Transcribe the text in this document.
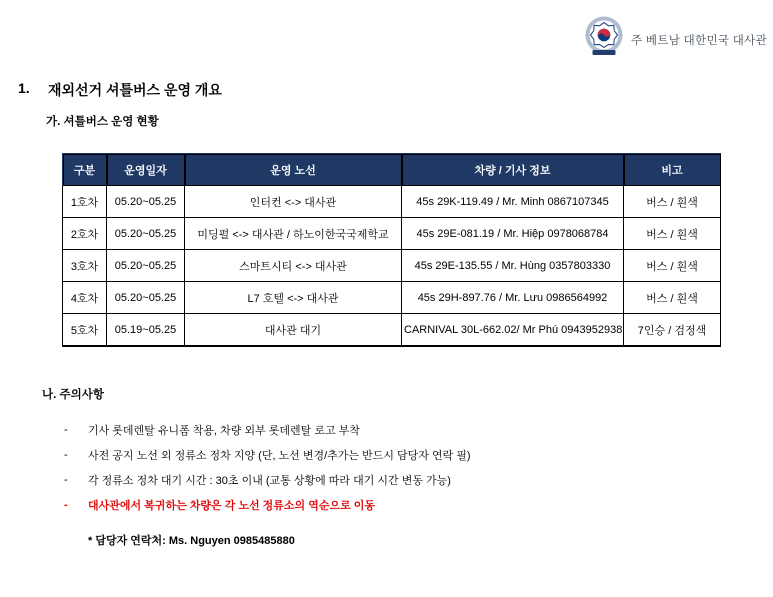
주 베트남 대한민국 대사관
1.	재외선거 셔틀버스 운영 개요
가. 셔틀버스 운영 현황
구분	운영일자	운영 노선	차량 / 기사 정보	비고
1호차	05.20~05.25	인터컨 <-> 대사관	45s 29K-119.49 / Mr. Minh 0867107345	버스 / 흰색
2호차	05.20~05.25	미딩펄 <-> 대사관 / 하노이한국국제학교	45s 29E-081.19 / Mr. Hiệp 0978068784	버스 / 흰색
3호차	05.20~05.25	스마트시티 <-> 대사관	45s 29E-135.55 / Mr. Hùng 0357803330	버스 / 흰색
4호차	05.20~05.25	L7 호텔 <-> 대사관	45s 29H-897.76 / Mr. Lưu 0986564992	버스 / 흰색
5호차	05.19~05.25	대사관 대기	CARNIVAL 30L-662.02/ Mr Phú 0943952938	7인승 / 검정색
나. 주의사항
-	기사 롯데렌탈 유니폼 착용, 차량 외부 롯데렌탈 로고 부착
-	사전 공지 노선 외 정류소 정차 지양 (단, 노선 변경/추가는 반드시 담당자 연락 필)
-	각 정류소 정차 대기 시간 : 30초 이내 (교통 상황에 따라 대기 시간 변동 가능)
-	대사관에서 복귀하는 차량은 각 노선 정류소의 역순으로 이동
* 담당자 연락처: Ms. Nguyen 0985485880
